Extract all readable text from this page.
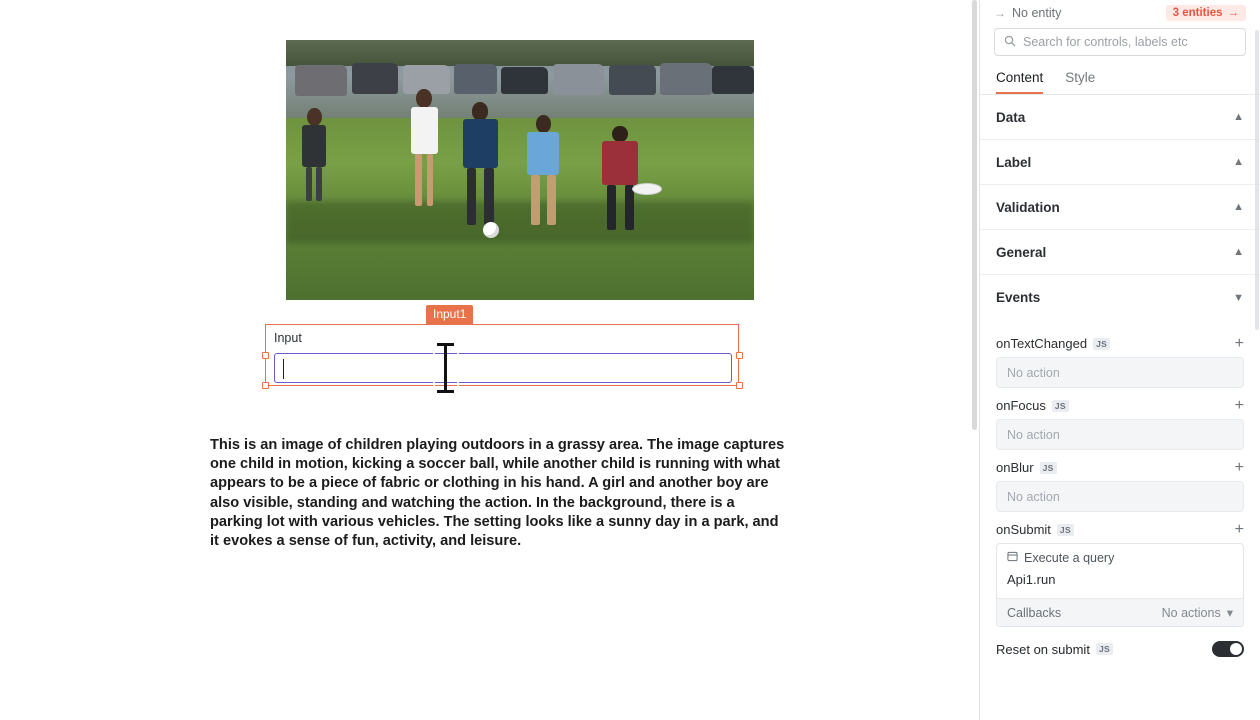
Input1
Input
This is an image of children playing outdoors in a grassy area. The image captures one child in motion, kicking a soccer ball, while another child is running with what appears to be a piece of fabric or clothing in his hand. A girl and another boy are also visible, standing and watching the action. In the background, there is a parking lot with various vehicles. The setting looks like a sunny day in a park, and it evokes a sense of fun, activity, and leisure.
→ No entity	3 entities →
Search for controls, labels etc
Content Style
Data	▲
Label	▲
Validation	▲
General	▲
Events	▼
onTextChanged	JS	+
No action
onFocus	JS	+
No action
onBlur	JS	+
No action
onSubmit	JS	+
Execute a query
Api1.run
Callbacks	No actions ▾
Reset on submit	JS
